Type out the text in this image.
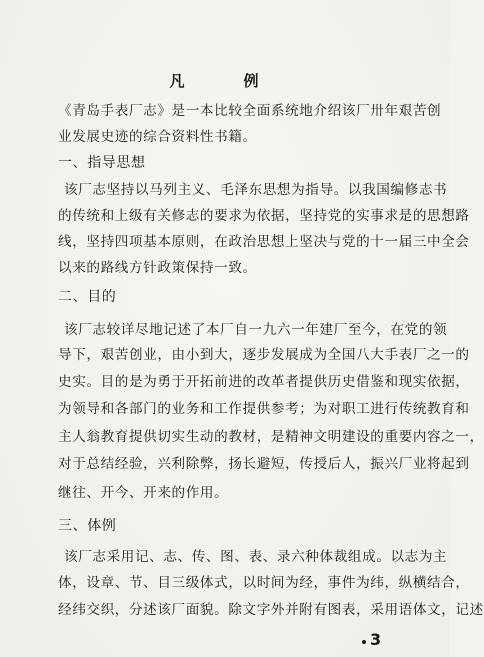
凡　例
《青岛手表厂志》是一本比较全面系统地介绍该厂卅年艰苦创
业发展史迹的综合资料性书籍。
一、指导思想
该厂志坚持以马列主义、毛泽东思想为指导。以我国编修志书
的传统和上级有关修志的要求为依据，坚持党的实事求是的思想路
线，坚持四项基本原则，在政治思想上坚决与党的十一届三中全会
以来的路线方针政策保持一致。
二、目的
该厂志较详尽地记述了本厂自一九六一年建厂至今，在党的领
导下，艰苦创业，由小到大，逐步发展成为全国八大手表厂之一的
史实。目的是为勇于开拓前进的改革者提供历史借鉴和现实依据，
为领导和各部门的业务和工作提供参考；为对职工进行传统教育和
主人翁教育提供切实生动的教材，是精神文明建设的重要内容之一，
对于总结经验，兴利除弊，扬长避短，传授后人，振兴厂业将起到
继往、开今、开来的作用。
三、体例
该厂志采用记、志、传、图、表、录六种体裁组成。以志为主
体，设章、节、目三级体式，以时间为经，事件为纬，纵横结合，
经纬交织，分述该厂面貌。除文字外并附有图表，采用语体文，记述
3
